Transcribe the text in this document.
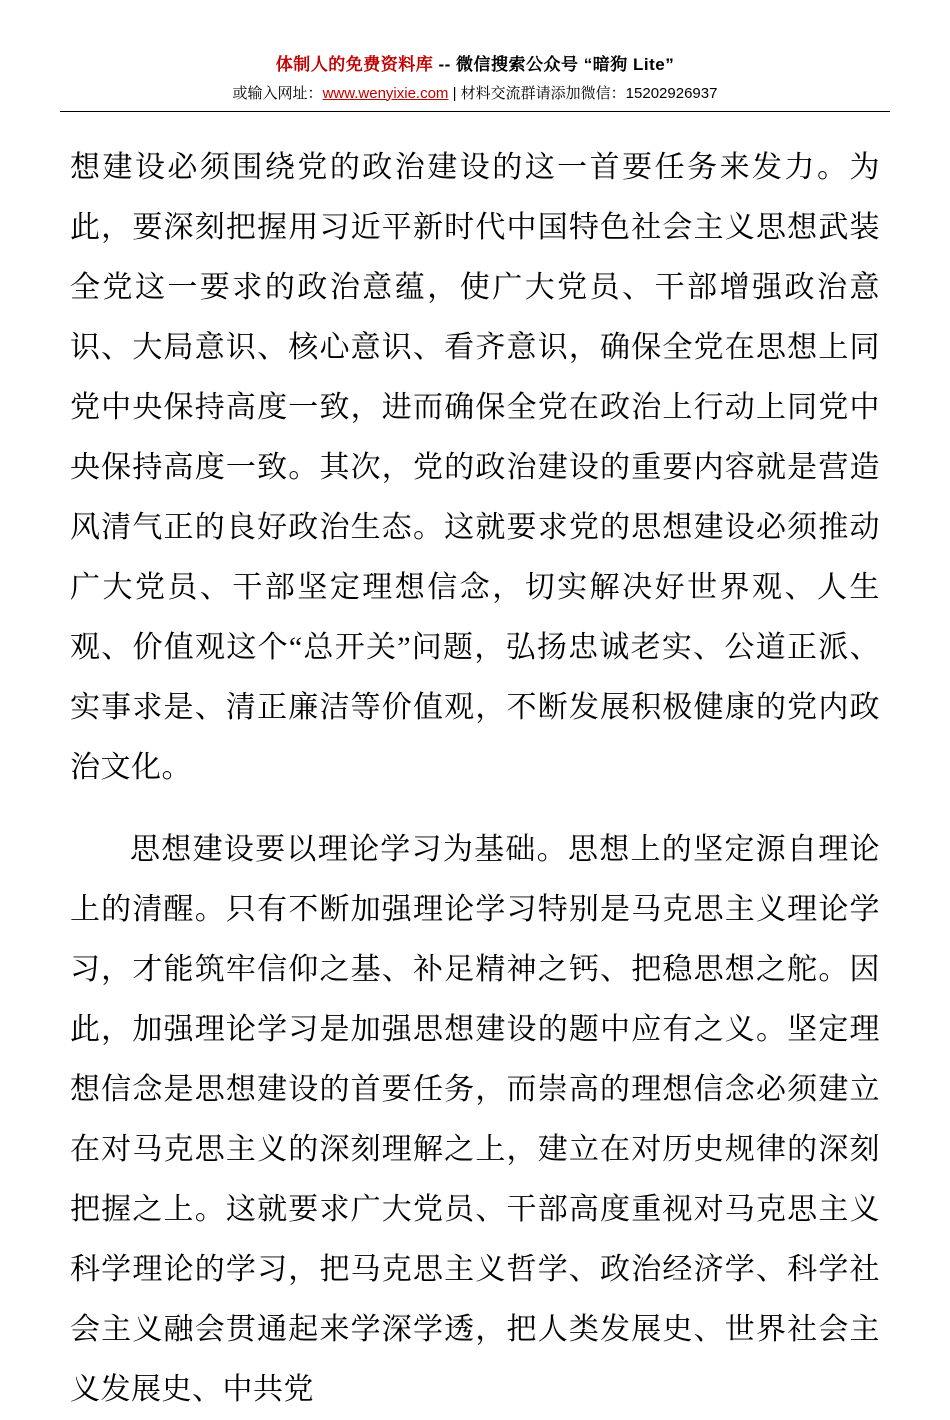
体制人的免费资料库 -- 微信搜索公众号 “暗狗 Lite”
或输入网址：www.wenyixie.com | 材料交流群请添加微信：15202926937

想建设必须围绕党的政治建设的这一首要任务来发力。为此，要深刻把握用习近平新时代中国特色社会主义思想武装全党这一要求的政治意蕴，使广大党员、干部增强政治意识、大局意识、核心意识、看齐意识，确保全党在思想上同党中央保持高度一致，进而确保全党在政治上行动上同党中央保持高度一致。其次，党的政治建设的重要内容就是营造风清气正的良好政治生态。这就要求党的思想建设必须推动广大党员、干部坚定理想信念，切实解决好世界观、人生观、价值观这个“总开关”问题，弘扬忠诚老实、公道正派、实事求是、清正廉洁等价值观，不断发展积极健康的党内政治文化。

思想建设要以理论学习为基础。思想上的坚定源自理论上的清醒。只有不断加强理论学习特别是马克思主义理论学习，才能筑牢信仰之基、补足精神之钙、把稳思想之舵。因此，加强理论学习是加强思想建设的题中应有之义。坚定理想信念是思想建设的首要任务，而崇高的理想信念必须建立在对马克思主义的深刻理解之上，建立在对历史规律的深刻把握之上。这就要求广大党员、干部高度重视对马克思主义科学理论的学习，把马克思主义哲学、政治经济学、科学社会主义融会贯通起来学深学透，把人类发展史、世界社会主义发展史、中共党
